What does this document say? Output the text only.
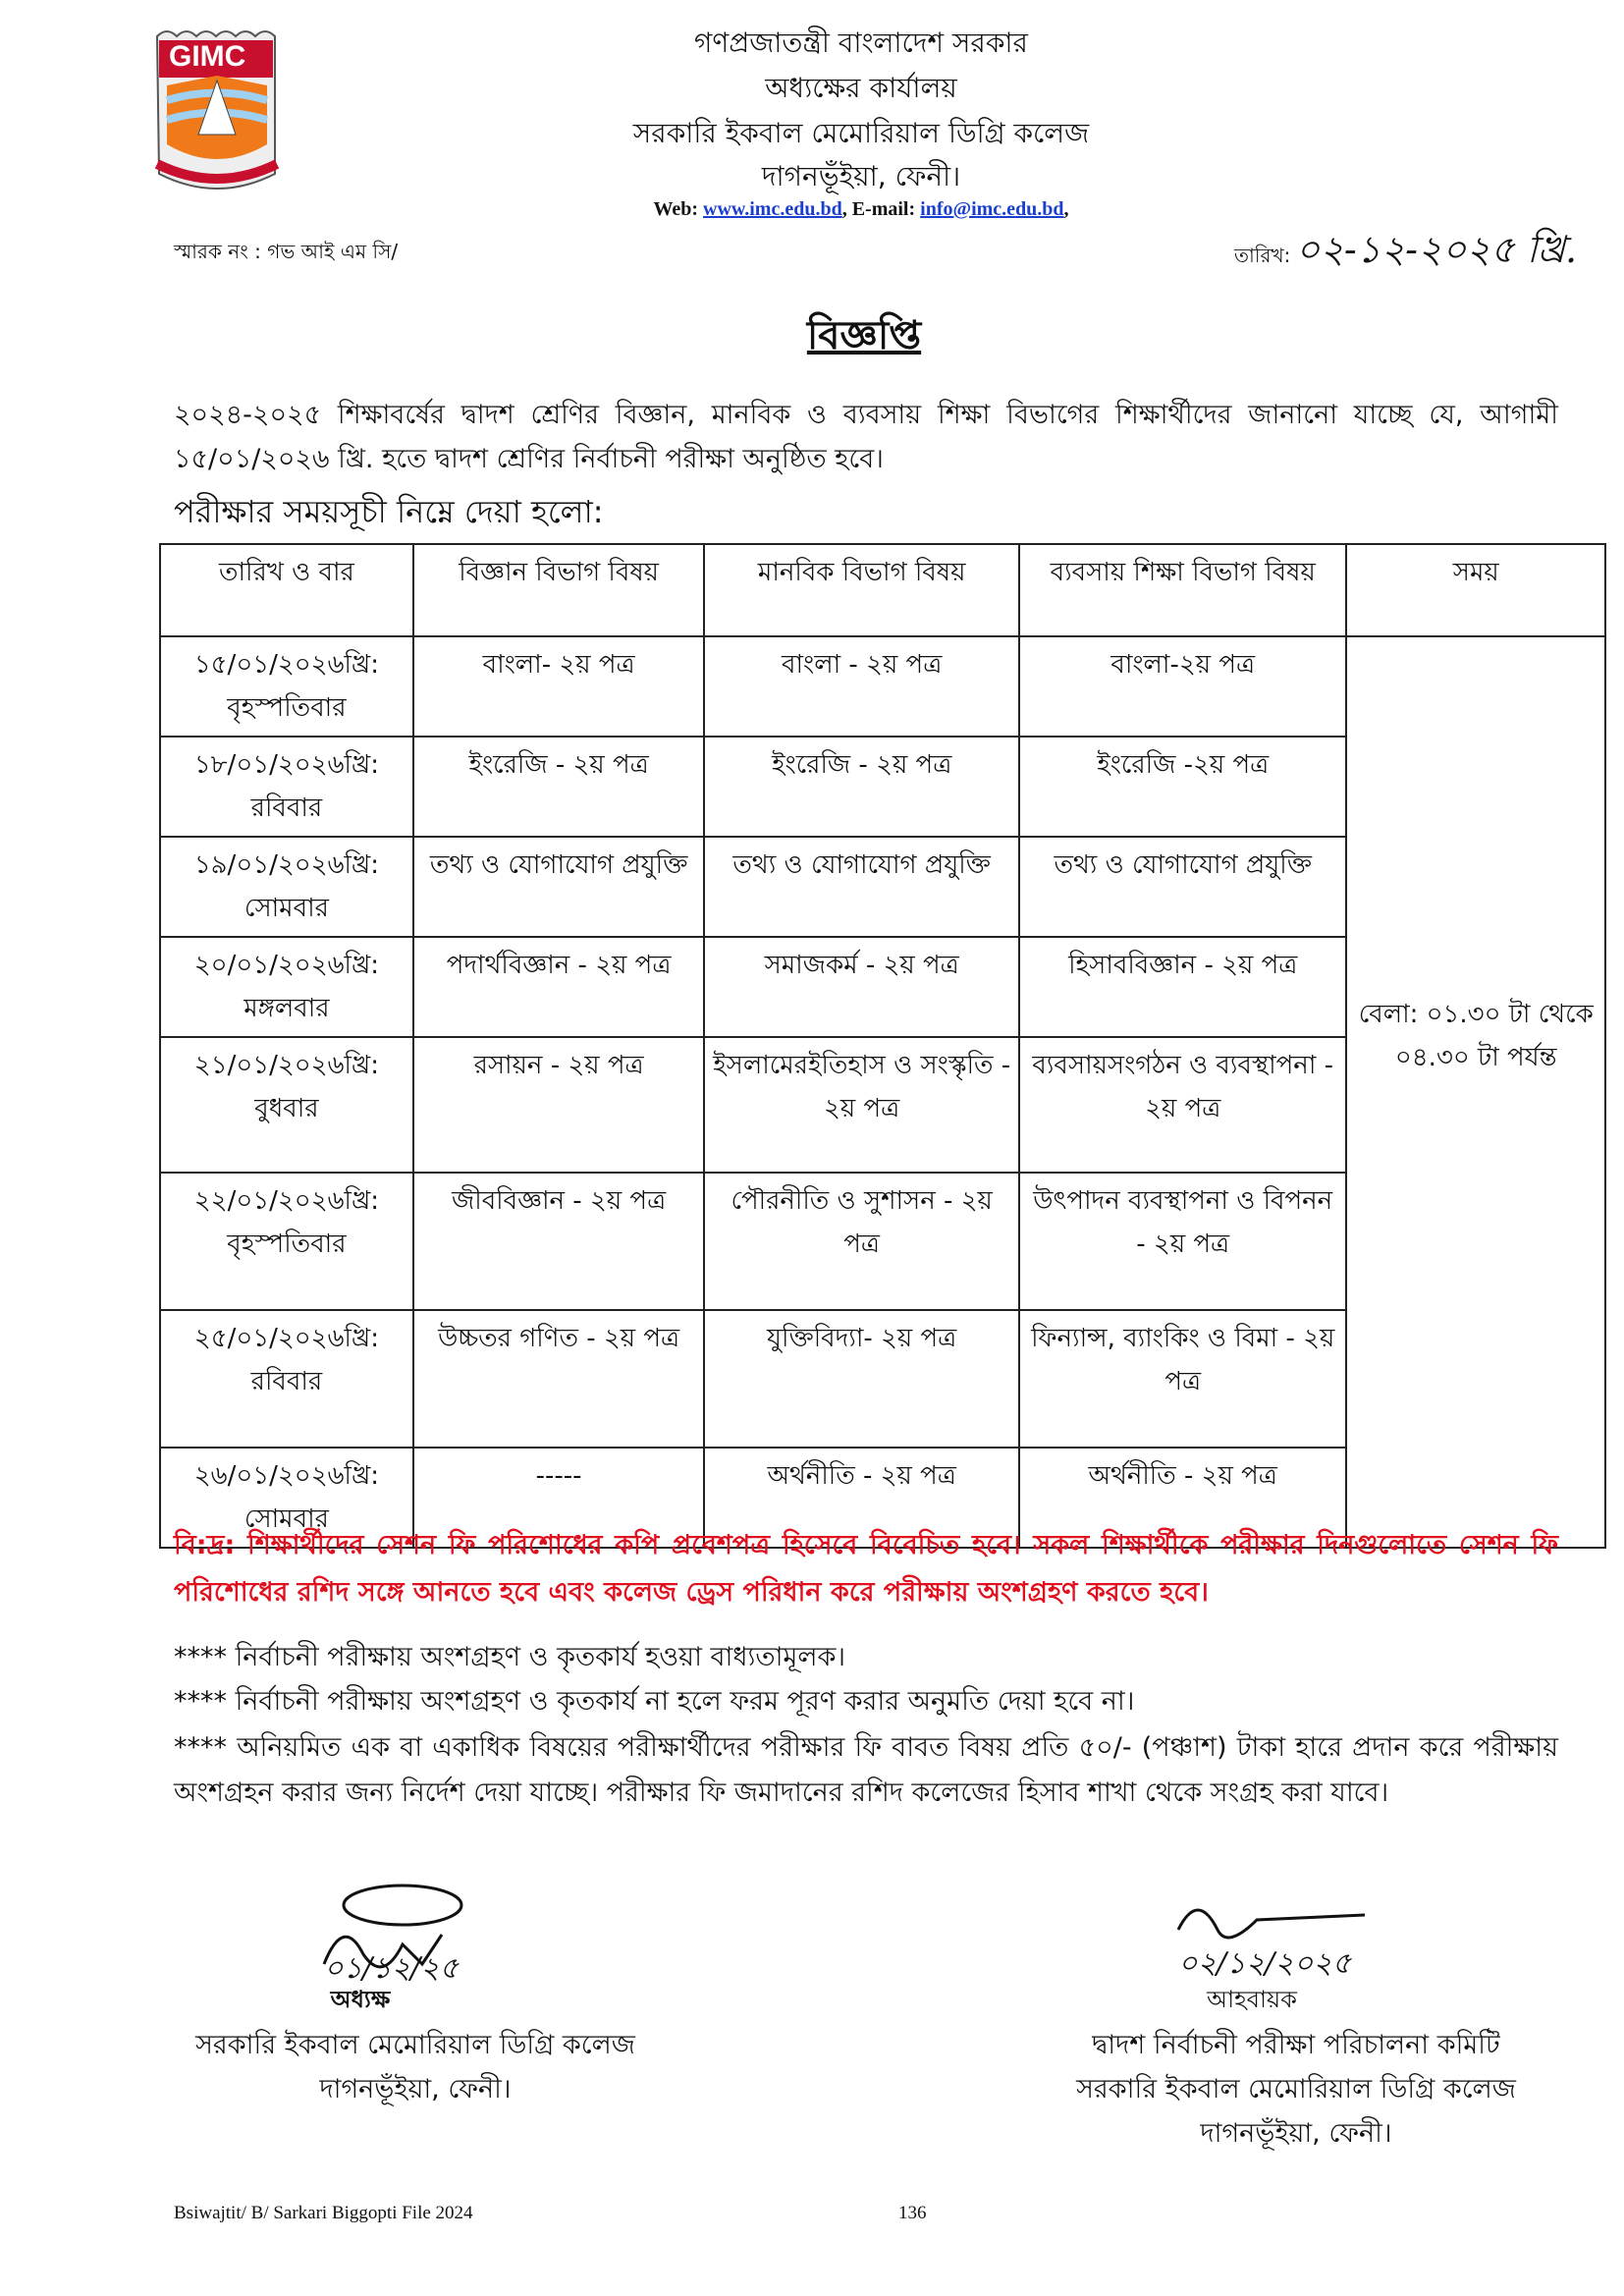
GIMC	গণপ্রজাতন্ত্রী বাংলাদেশ সরকার
অধ্যক্ষের কার্যালয়
সরকারি ইকবাল মেমোরিয়াল ডিগ্রি কলেজ
দাগনভূঁইয়া, ফেনী।
Web: www.imc.edu.bd, E-mail: info@imc.edu.bd,
স্মারক নং : গভ আই এম সি/	তারিখ: ০২-১২-২০২৫ খ্রি.
বিজ্ঞপ্তি
২০২৪-২০২৫ শিক্ষাবর্ষের দ্বাদশ শ্রেণির বিজ্ঞান, মানবিক ও ব্যবসায় শিক্ষা বিভাগের শিক্ষার্থীদের জানানো যাচ্ছে যে, আগামী ১৫/০১/২০২৬ খ্রি. হতে দ্বাদশ শ্রেণির নির্বাচনী পরীক্ষা অনুষ্ঠিত হবে।
পরীক্ষার সময়সূচী নিম্নে দেয়া হলো:
তারিখ ও বার	বিজ্ঞান বিভাগ বিষয়	মানবিক বিভাগ বিষয়	ব্যবসায় শিক্ষা বিভাগ বিষয়	সময়

১৫/০১/২০২৬খ্রি:
বৃহস্পতিবার	বাংলা- ২য় পত্র	বাংলা - ২য় পত্র	বাংলা-২য় পত্র	বেলা: ০১.৩০ টা থেকে ০৪.৩০ টা পর্যন্ত

১৮/০১/২০২৬খ্রি:
রবিবার	ইংরেজি - ২য় পত্র	ইংরেজি - ২য় পত্র	ইংরেজি -২য় পত্র	

১৯/০১/২০২৬খ্রি:
সোমবার	তথ্য ও যোগাযোগ প্রযুক্তি	তথ্য ও যোগাযোগ প্রযুক্তি	তথ্য ও যোগাযোগ প্রযুক্তি	

২০/০১/২০২৬খ্রি:
মঙ্গলবার	পদার্থবিজ্ঞান - ২য় পত্র	সমাজকর্ম - ২য় পত্র	হিসাববিজ্ঞান - ২য় পত্র	

২১/০১/২০২৬খ্রি:
বুধবার	রসায়ন - ২য় পত্র	ইসলামেরইতিহাস ও সংস্কৃতি - ২য় পত্র	ব্যবসায়সংগঠন ও ব্যবস্থাপনা - ২য় পত্র	

২২/০১/২০২৬খ্রি:
বৃহস্পতিবার	জীববিজ্ঞান - ২য় পত্র	পৌরনীতি ও সুশাসন - ২য় পত্র	উৎপাদন ব্যবস্থাপনা ও বিপনন - ২য় পত্র	

২৫/০১/২০২৬খ্রি:
রবিবার	উচ্চতর গণিত - ২য় পত্র	যুক্তিবিদ্যা- ২য় পত্র	ফিন্যান্স, ব্যাংকিং ও বিমা - ২য় পত্র	

২৬/০১/২০২৬খ্রি:
সোমবার	-----	অর্থনীতি - ২য় পত্র	অর্থনীতি - ২য় পত্র	
বি:দ্র: শিক্ষার্থীদের সেশন ফি পরিশোধের কপি প্রবেশপত্র হিসেবে বিবেচিত হবে। সকল শিক্ষার্থীকে পরীক্ষার দিনগুলোতে সেশন ফি পরিশোধের রশিদ সঙ্গে আনতে হবে এবং কলেজ ড্রেস পরিধান করে পরীক্ষায় অংশগ্রহণ করতে হবে।
**** নির্বাচনী পরীক্ষায় অংশগ্রহণ ও কৃতকার্য হওয়া বাধ্যতামূলক।
**** নির্বাচনী পরীক্ষায় অংশগ্রহণ ও কৃতকার্য না হলে ফরম পূরণ করার অনুমতি দেয়া হবে না।
**** অনিয়মিত এক বা একাধিক বিষয়ের পরীক্ষার্থীদের পরীক্ষার ফি বাবত বিষয় প্রতি ৫০/- (পঞ্চাশ) টাকা হারে প্রদান করে পরীক্ষায় অংশগ্রহন করার জন্য নির্দেশ দেয়া যাচ্ছে। পরীক্ষার ফি জমাদানের রশিদ কলেজের হিসাব শাখা থেকে সংগ্রহ করা যাবে।
০১/১২/২৫
অধ্যক্ষ
সরকারি ইকবাল মেমোরিয়াল ডিগ্রি কলেজ
দাগনভূঁইয়া, ফেনী।
০২/১২/২০২৫
আহবায়ক
দ্বাদশ নির্বাচনী পরীক্ষা পরিচালনা কমিটি
সরকারি ইকবাল মেমোরিয়াল ডিগ্রি কলেজ
দাগনভূঁইয়া, ফেনী।
Bsiwajtit/ B/ Sarkari Biggopti File 2024	136
